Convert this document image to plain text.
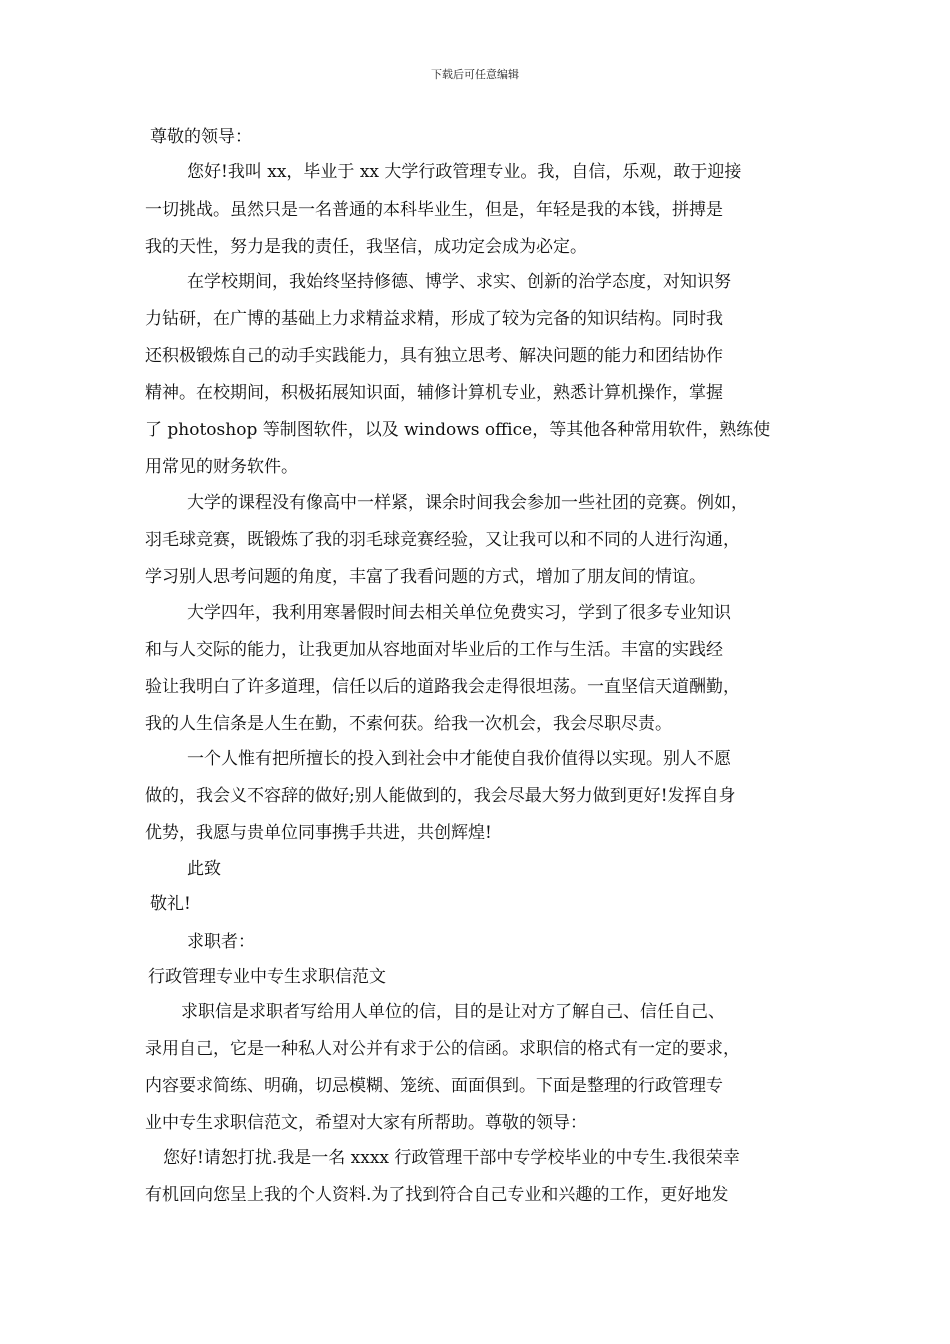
下载后可任意编辑
尊敬的领导：
您好!我叫 xx，毕业于 xx 大学行政管理专业。我，自信，乐观，敢于迎接
一切挑战。虽然只是一名普通的本科毕业生，但是，年轻是我的本钱，拼搏是
我的天性，努力是我的责任，我坚信，成功定会成为必定。
在学校期间，我始终坚持修德、博学、求实、创新的治学态度，对知识努
力钻研，在广博的基础上力求精益求精，形成了较为完备的知识结构。同时我
还积极锻炼自己的动手实践能力，具有独立思考、解决问题的能力和团结协作
精神。在校期间，积极拓展知识面，辅修计算机专业，熟悉计算机操作，掌握
了 photoshop 等制图软件，以及 windows office，等其他各种常用软件，熟练使
用常见的财务软件。
大学的课程没有像高中一样紧，课余时间我会参加一些社团的竞赛。例如，
羽毛球竞赛，既锻炼了我的羽毛球竞赛经验，又让我可以和不同的人进行沟通，
学习别人思考问题的角度，丰富了我看问题的方式，增加了朋友间的情谊。
大学四年，我利用寒暑假时间去相关单位免费实习，学到了很多专业知识
和与人交际的能力，让我更加从容地面对毕业后的工作与生活。丰富的实践经
验让我明白了许多道理，信任以后的道路我会走得很坦荡。一直坚信天道酬勤，
我的人生信条是人生在勤，不索何获。给我一次机会，我会尽职尽责。
一个人惟有把所擅长的投入到社会中才能使自我价值得以实现。别人不愿
做的，我会义不容辞的做好;别人能做到的，我会尽最大努力做到更好!发挥自身
优势，我愿与贵单位同事携手共进，共创辉煌!
此致
敬礼!
求职者：
行政管理专业中专生求职信范文
求职信是求职者写给用人单位的信，目的是让对方了解自己、信任自己、
录用自己，它是一种私人对公并有求于公的信函。求职信的格式有一定的要求，
内容要求简练、明确，切忌模糊、笼统、面面俱到。下面是整理的行政管理专
业中专生求职信范文，希望对大家有所帮助。尊敬的领导：
您好!请恕打扰.我是一名 xxxx 行政管理干部中专学校毕业的中专生.我很荣幸
有机回向您呈上我的个人资料.为了找到符合自己专业和兴趣的工作，更好地发
